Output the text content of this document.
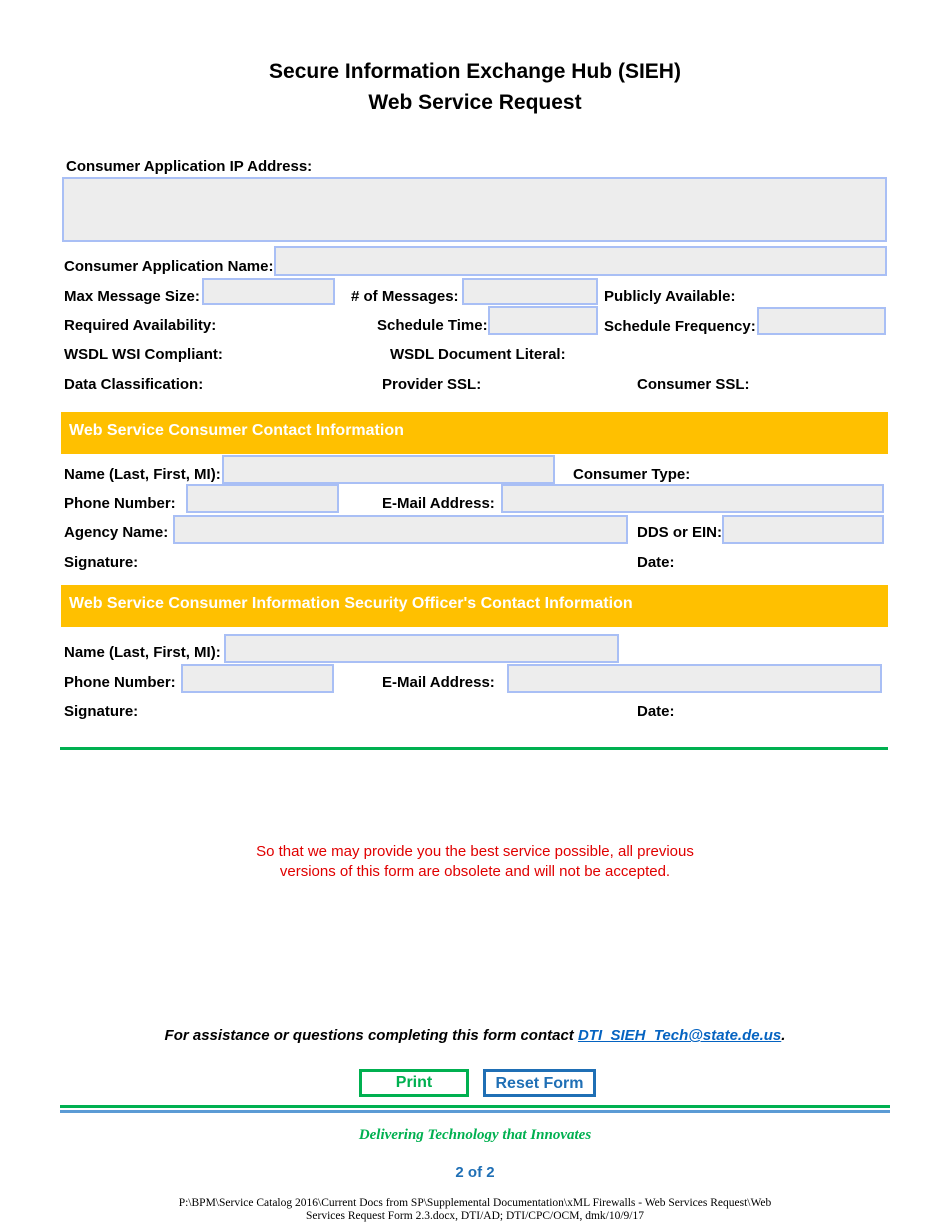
Secure Information Exchange Hub (SIEH)
Web Service Request
Consumer Application IP Address:
Consumer Application Name:
Max Message Size:	# of Messages:	Publicly Available:
Required Availability:	Schedule Time:	Schedule Frequency:
WSDL WSI Compliant:	WSDL Document Literal:
Data Classification:	Provider SSL:	Consumer SSL:
Web Service Consumer Contact Information
Name (Last, First, MI):	Consumer Type:
Phone Number:	E-Mail Address:
Agency Name:	DDS or EIN:
Signature:	Date:
Web Service Consumer Information Security Officer's Contact Information
Name (Last, First, MI):
Phone Number:	E-Mail Address:
Signature:	Date:
So that we may provide you the best service possible, all previous
versions of this form are obsolete and will not be accepted.
For assistance or questions completing this form contact DTI_SIEH_Tech@state.de.us.
Print	Reset Form
Delivering Technology that Innovates
2 of 2
P:\BPM\Service Catalog 2016\Current Docs from SP\Supplemental Documentation\xML Firewalls - Web Services Request\Web
Services Request Form 2.3.docx, DTI/AD; DTI/CPC/OCM, dmk/10/9/17
